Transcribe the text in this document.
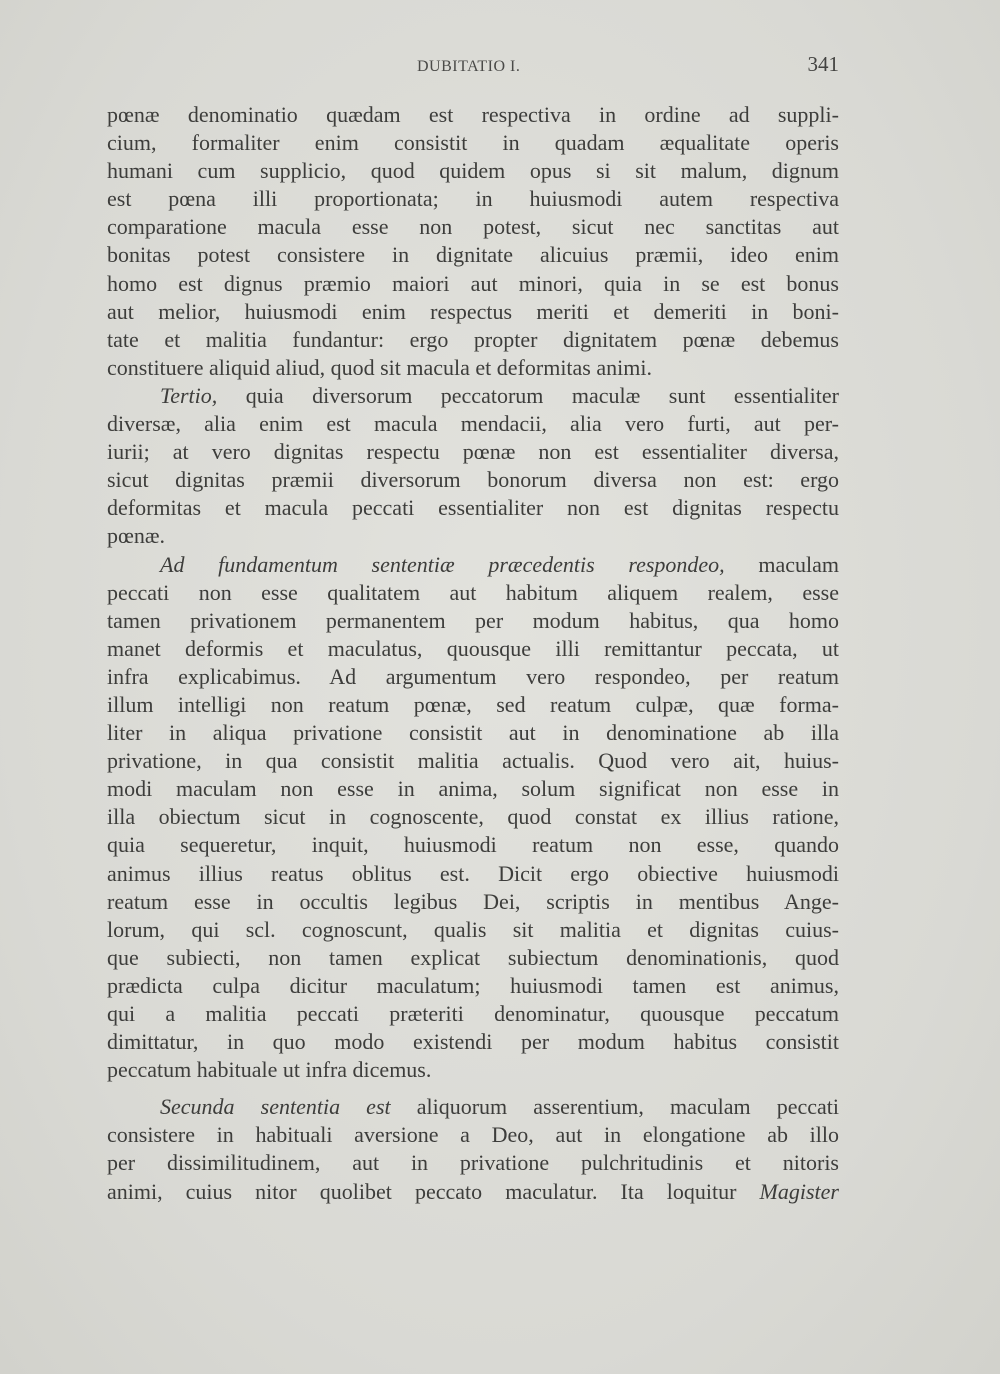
DUBITATIO I.	341
pœnæ denominatio quædam est respectiva in ordine ad suppli-
cium, formaliter enim consistit in quadam æqualitate operis
humani cum supplicio, quod quidem opus si sit malum, dignum
est pœna illi proportionata; in huiusmodi autem respectiva
comparatione macula esse non potest, sicut nec sanctitas aut
bonitas potest consistere in dignitate alicuius præmii, ideo enim
homo est dignus præmio maiori aut minori, quia in se est bonus
aut melior, huiusmodi enim respectus meriti et demeriti in boni-
tate et malitia fundantur: ergo propter dignitatem pœnæ debemus
constituere aliquid aliud, quod sit macula et deformitas animi.
Tertio, quia diversorum peccatorum maculæ sunt essentialiter
diversæ, alia enim est macula mendacii, alia vero furti, aut per-
iurii; at vero dignitas respectu pœnæ non est essentialiter diversa,
sicut dignitas præmii diversorum bonorum diversa non est: ergo
deformitas et macula peccati essentialiter non est dignitas respectu
pœnæ.
Ad fundamentum sententiæ præcedentis respondeo, maculam
peccati non esse qualitatem aut habitum aliquem realem, esse
tamen privationem permanentem per modum habitus, qua homo
manet deformis et maculatus, quousque illi remittantur peccata, ut
infra explicabimus. Ad argumentum vero respondeo, per reatum
illum intelligi non reatum pœnæ, sed reatum culpæ, quæ forma-
liter in aliqua privatione consistit aut in denominatione ab illa
privatione, in qua consistit malitia actualis. Quod vero ait, huius-
modi maculam non esse in anima, solum significat non esse in
illa obiectum sicut in cognoscente, quod constat ex illius ratione,
quia sequeretur, inquit, huiusmodi reatum non esse, quando
animus illius reatus oblitus est. Dicit ergo obiective huiusmodi
reatum esse in occultis legibus Dei, scriptis in mentibus Ange-
lorum, qui scl. cognoscunt, qualis sit malitia et dignitas cuius-
que subiecti, non tamen explicat subiectum denominationis, quod
prædicta culpa dicitur maculatum; huiusmodi tamen est animus,
qui a malitia peccati præteriti denominatur, quousque peccatum
dimittatur, in quo modo existendi per modum habitus consistit
peccatum habituale ut infra dicemus.
Secunda sententia est aliquorum asserentium, maculam peccati
consistere in habituali aversione a Deo, aut in elongatione ab illo
per dissimilitudinem, aut in privatione pulchritudinis et nitoris
animi, cuius nitor quolibet peccato maculatur. Ita loquitur Magister
